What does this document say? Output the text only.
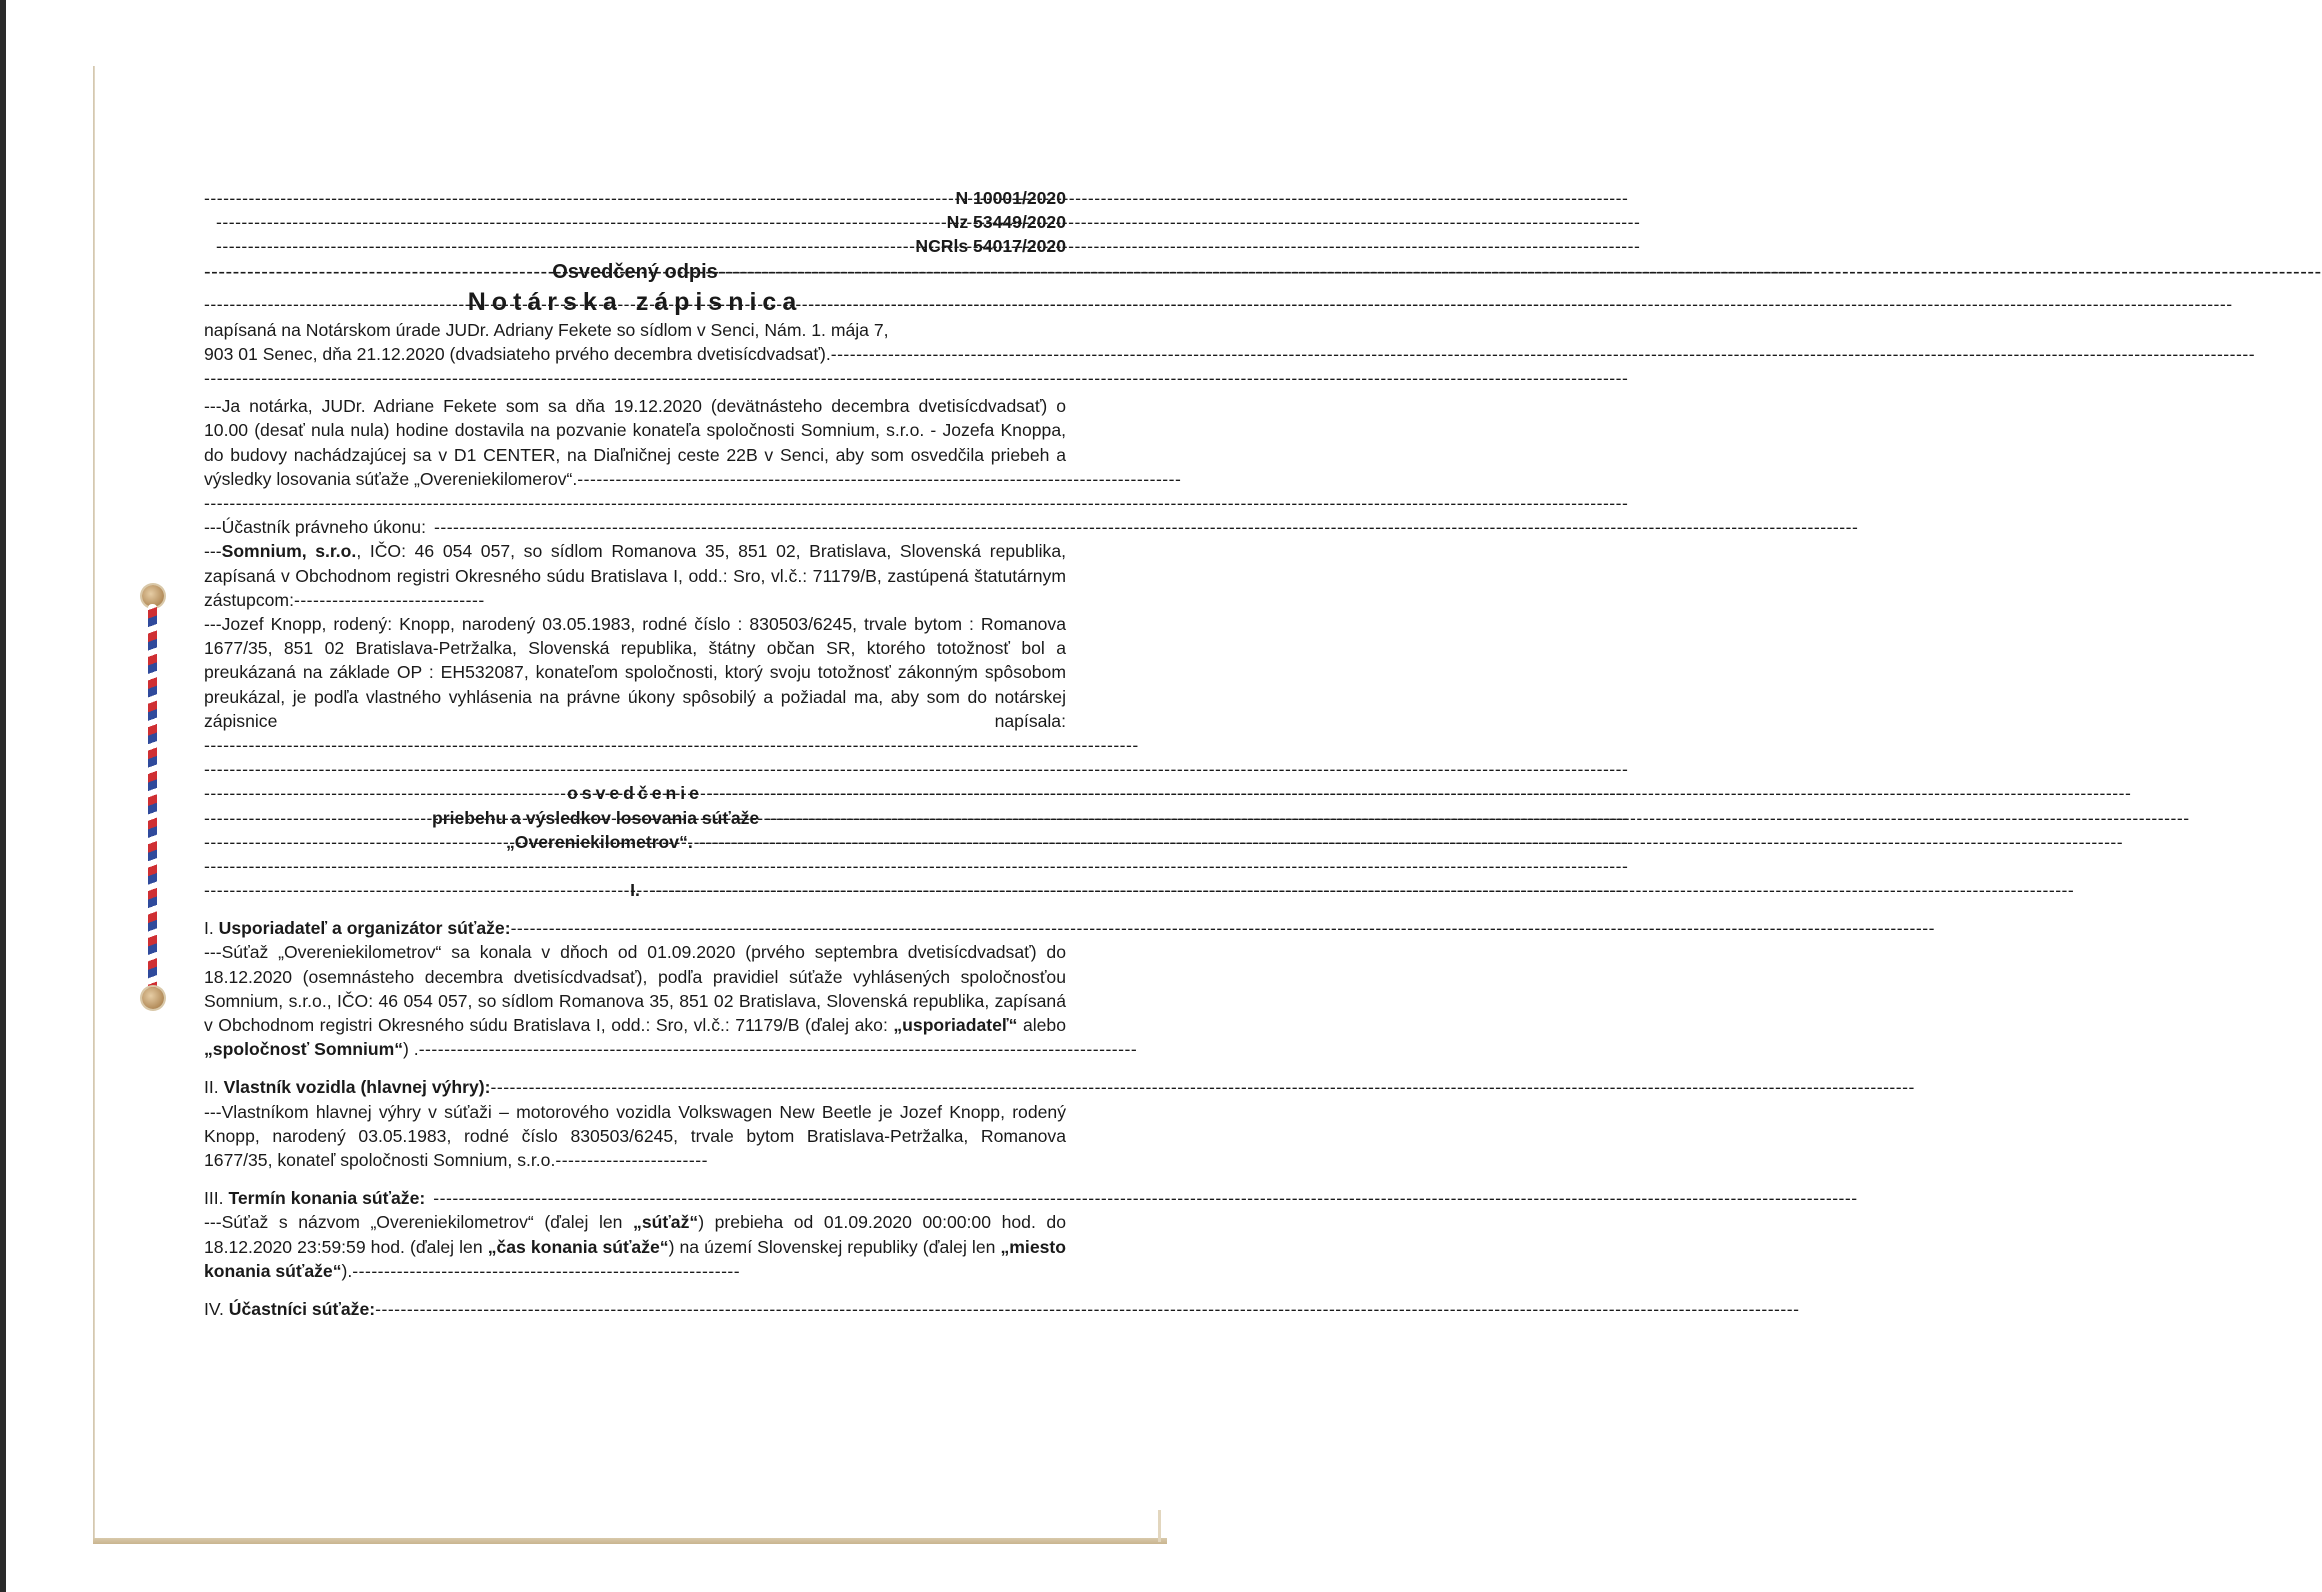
-----
N 10001/2020
-----
Nz 53449/2020
-----
NCRls 54017/2020
-----
Osvedčený odpis
-----
-----
Notárska zápisnica
-----
napísaná na Notárskom úrade JUDr. Adriany Fekete so sídlom v Senci, Nám. 1. mája 7,
903 01 Senec, dňa 21.12.2020 (dvadsiateho prvého decembra dvetisícdvadsať).
-----
-----
---Ja notárka, JUDr. Adriane Fekete som sa dňa 19.12.2020 (devätnásteho decembra dvetisícdvadsať) o 10.00 (desať nula nula) hodine dostavila na pozvanie konateľa spoločnosti Somnium, s.r.o. - Jozefa Knoppa, do budovy nachádzajúcej sa v D1 CENTER, na Diaľničnej ceste 22B v Senci, aby som osvedčila priebeh a výsledky losovania súťaže „Overeniekilomerov“.-----------------------------------------------------------------------------------------------
-----
---Účastník právneho úkonu:
-----
---Somnium, s.r.o., IČO: 46 054 057, so sídlom Romanova 35, 851 02, Bratislava, Slovenská republika, zapísaná v Obchodnom registri Okresného súdu Bratislava I, odd.: Sro, vl.č.: 71179/B, zastúpená štatutárnym zástupcom:------------------------------
---Jozef Knopp, rodený: Knopp, narodený 03.05.1983, rodné číslo : 830503/6245, trvale bytom : Romanova 1677/35, 851 02 Bratislava-Petržalka, Slovenská republika, štátny občan SR, ktorého totožnosť bol a preukázaná na základe OP : EH532087, konateľom spoločnosti, ktorý svoju totožnosť zákonným spôsobom preukázal, je podľa vlastného vyhlásenia na právne úkony spôsobilý a požiadal ma, aby som do notárskej zápisnice napísala:---------------------------------------------------------------------------------------------------------------------------------------------------
-----
-----
osvedčenie
-----
-----
priebehu a výsledkov losovania súťaže
-----
-----
„Overeniekilometrov“.
-----
-----
-----
I.
-----
I.
Usporiadateľ a organizátor súťaže:
-----
---Súťaž „Overeniekilometrov“ sa konala v dňoch od 01.09.2020 (prvého septembra dvetisícdvadsať) do 18.12.2020 (osemnásteho decembra dvetisícdvadsať), podľa pravidiel súťaže vyhlásených spoločnosťou Somnium, s.r.o., IČO: 46 054 057, so sídlom Romanova 35, 851 02 Bratislava, Slovenská republika, zapísaná v Obchodnom registri Okresného súdu Bratislava I, odd.: Sro, vl.č.: 71179/B (ďalej ako: „usporiadateľ“ alebo „spoločnosť Somnium“) .-----------------------------------------------------------------------------------------------------------------
II.
Vlastník vozidla (hlavnej výhry):
-----
---Vlastníkom hlavnej výhry v súťaži – motorového vozidla Volkswagen New Beetle je Jozef Knopp, rodený Knopp, narodený 03.05.1983, rodné číslo 830503/6245, trvale bytom Bratislava-Petržalka, Romanova 1677/35, konateľ spoločnosti Somnium, s.r.o.------------------------
III.
Termín konania súťaže:
-----
---Súťaž s názvom „Overeniekilometrov“ (ďalej len „súťaž“) prebieha od 01.09.2020 00:00:00 hod. do 18.12.2020 23:59:59 hod. (ďalej len „čas konania súťaže“) na území Slovenskej republiky (ďalej len „miesto konania súťaže“).-------------------------------------------------------------
IV.
Účastníci súťaže:
-----
